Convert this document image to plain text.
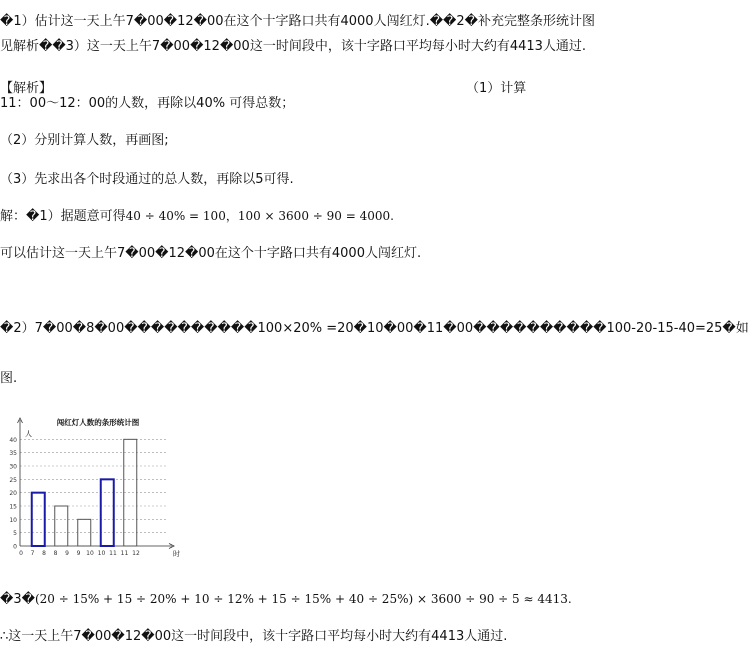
�1）估计这一天上午7�00�12�00在这个十字路口共有4000人闯红灯.��2�补充完整条形统计图
见解析��3）这一天上午7�00�12�00这一时间段中，该十字路口平均每小时大约有4413人通过.
【解析】	（1）计算
11：00～12：00的人数，再除以40% 可得总数；
（2）分别计算人数，再画图;
（3）先求出各个时段通过的总人数，再除以5可得.
解：�1）据题意可得40 ÷ 40% = 100，100 × 3600 ÷ 90 = 4000.
可以估计这一天上午7�00�12�00在这个十字路口共有4000人闯红灯.
�2）7�00�8�00����������100×20% =20�10�00�11�00����������100-20-15-40=25�如
图.
0
5
10
15
20
25
30
35
40
0 7 8 8 9 9 10 10 11 11 12
闯红灯人数的条形统计图
人
时
�3�(20 ÷ 15% + 15 ÷ 20% + 10 ÷ 12% + 15 ÷ 15% + 40 ÷ 25%) × 3600 ÷ 90 ÷ 5 ≈ 4413.
∴这一天上午7�00�12�00这一时间段中，该十字路口平均每小时大约有4413人通过.
